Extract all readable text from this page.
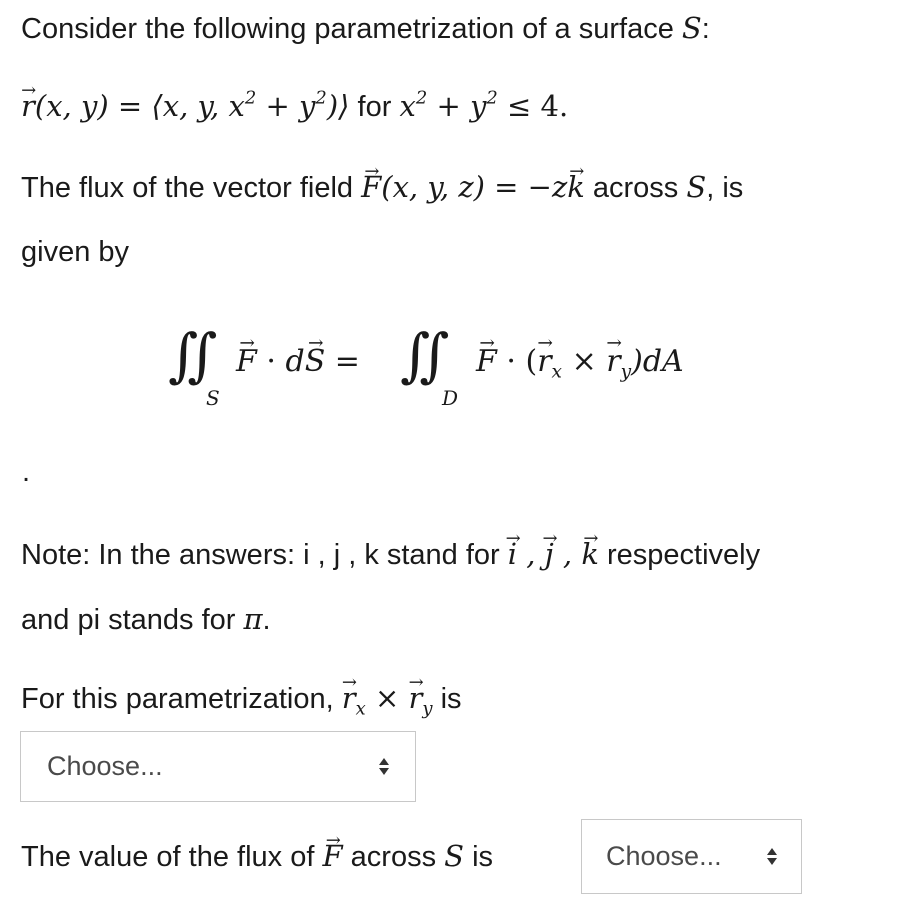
Consider the following parametrization of a surface S:
→ r(x, y) = ⟨x, y, $x^2$ + $y^2)⟩$ for $x^2 + y^2 \le 4$.
The flux of the vector field → F(x, y, z) = −z→ k across S, is
given by
∬
S
→ F · d→ S = ∬
D
→ F · (→ $r_x$ × → $r_y)dA$
.
Note: In the answers: i , j , k stand for → i , → j , → k respectively
and pi stands for π.
For this parametrization, → $r_x$ × → $r_y$ is
Choose...
The value of the flux of → F across S is	Choose...
